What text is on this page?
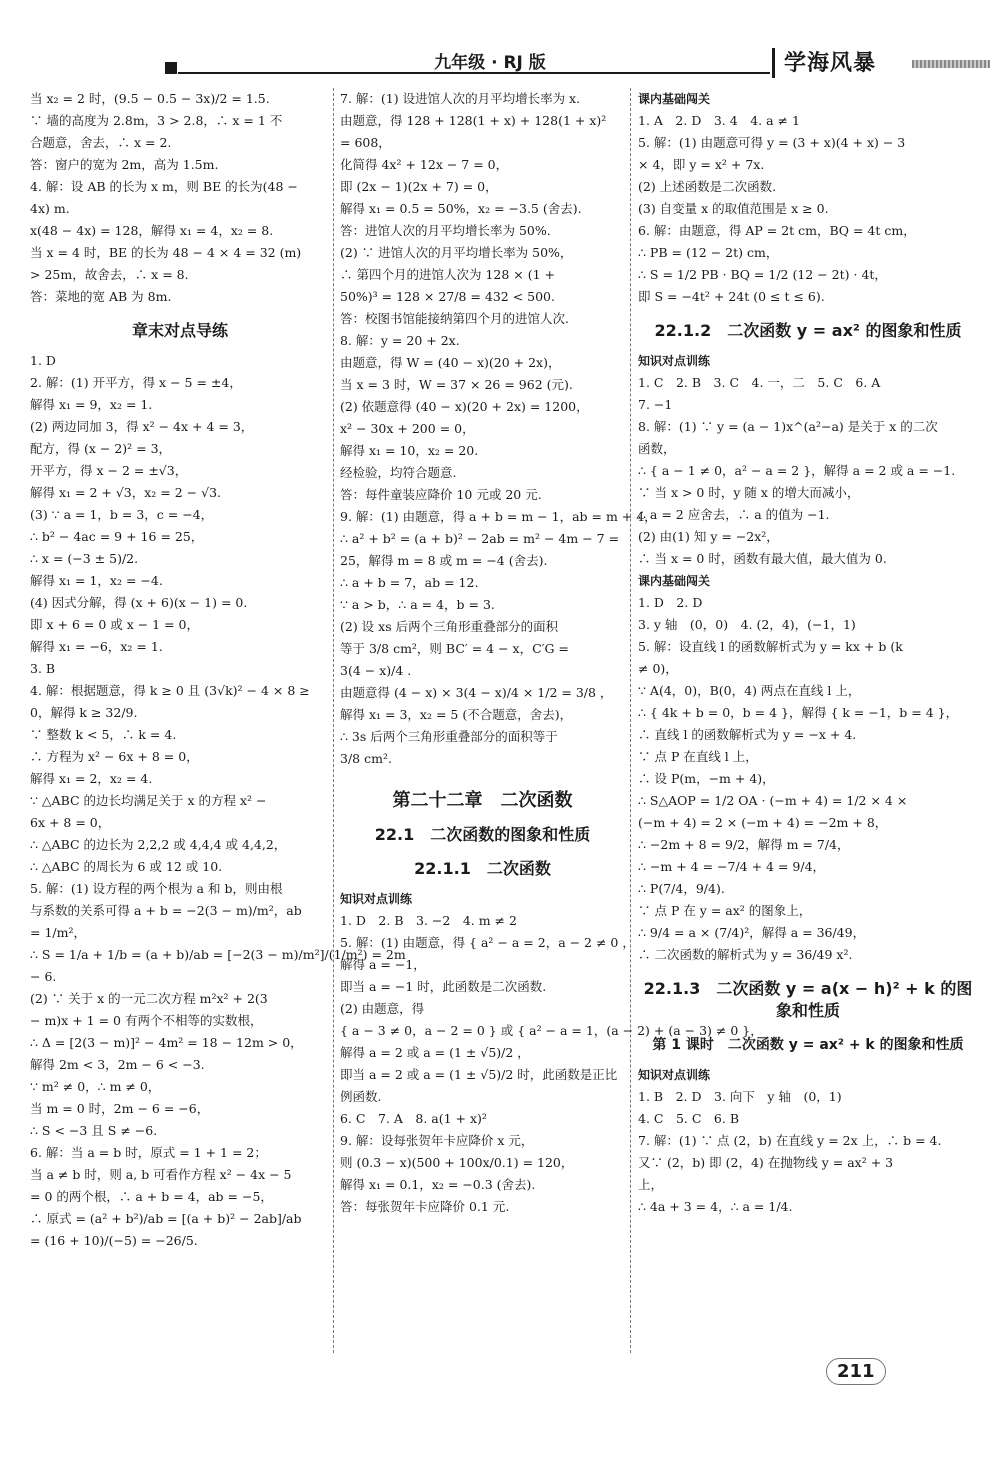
九年级 · RJ 版	学海风暴
当 x₂ = 2 时，(9.5 − 0.5 − 3x)/2 = 1.5.
∵ 墙的高度为 2.8m，3 > 2.8，∴ x = 1 不
合题意，舍去，∴ x = 2.
答：窗户的宽为 2m，高为 1.5m.
4. 解：设 AB 的长为 x m，则 BE 的长为(48 −
4x) m.
x(48 − 4x) = 128，解得 x₁ = 4，x₂ = 8.
当 x = 4 时，BE 的长为 48 − 4 × 4 = 32 (m)
> 25m，故舍去，∴ x = 8.
答：菜地的宽 AB 为 8m.
章末对点导练
1. D
2. 解：(1) 开平方，得 x − 5 = ±4，
解得 x₁ = 9，x₂ = 1.
(2) 两边同加 3，得 x² − 4x + 4 = 3，
配方，得 (x − 2)² = 3，
开平方，得 x − 2 = ±√3，
解得 x₁ = 2 + √3，x₂ = 2 − √3.
(3) ∵ a = 1，b = 3，c = −4，
∴ b² − 4ac = 9 + 16 = 25，
∴ x = (−3 ± 5)/2.
解得 x₁ = 1，x₂ = −4.
(4) 因式分解，得 (x + 6)(x − 1) = 0.
即 x + 6 = 0 或 x − 1 = 0，
解得 x₁ = −6，x₂ = 1.
3. B
4. 解：根据题意，得 k ≥ 0 且 (3√k)² − 4 × 8 ≥
0，解得 k ≥ 32/9.
∵ 整数 k < 5，∴ k = 4.
∴ 方程为 x² − 6x + 8 = 0，
解得 x₁ = 2，x₂ = 4.
∵ △ABC 的边长均满足关于 x 的方程 x² −
6x + 8 = 0，
∴ △ABC 的边长为 2,2,2 或 4,4,4 或 4,4,2，
∴ △ABC 的周长为 6 或 12 或 10.
5. 解：(1) 设方程的两个根为 a 和 b，则由根
与系数的关系可得 a + b = −2(3 − m)/m²，ab
= 1/m²，
∴ S = 1/a + 1/b = (a + b)/ab = [−2(3 − m)/m²]/(1/m²) = 2m
− 6.
(2) ∵ 关于 x 的一元二次方程 m²x² + 2(3
− m)x + 1 = 0 有两个不相等的实数根，
∴ Δ = [2(3 − m)]² − 4m² = 18 − 12m > 0，
解得 2m < 3，2m − 6 < −3.
∵ m² ≠ 0，∴ m ≠ 0，
当 m = 0 时，2m − 6 = −6，
∴ S < −3 且 S ≠ −6.
6. 解：当 a = b 时，原式 = 1 + 1 = 2；
当 a ≠ b 时，则 a, b 可看作方程 x² − 4x − 5
= 0 的两个根，∴ a + b = 4，ab = −5，
∴ 原式 = (a² + b²)/ab = [(a + b)² − 2ab]/ab
= (16 + 10)/(−5) = −26/5.
7. 解：(1) 设进馆人次的月平均增长率为 x.
由题意，得 128 + 128(1 + x) + 128(1 + x)²
= 608，
化简得 4x² + 12x − 7 = 0，
即 (2x − 1)(2x + 7) = 0，
解得 x₁ = 0.5 = 50%，x₂ = −3.5 (舍去).
答：进馆人次的月平均增长率为 50%.
(2) ∵ 进馆人次的月平均增长率为 50%，
∴ 第四个月的进馆人次为 128 × (1 +
50%)³ = 128 × 27/8 = 432 < 500.
答：校图书馆能接纳第四个月的进馆人次.
8. 解：y = 20 + 2x.
由题意，得 W = (40 − x)(20 + 2x)，
当 x = 3 时，W = 37 × 26 = 962 (元).
(2) 依题意得 (40 − x)(20 + 2x) = 1200，
x² − 30x + 200 = 0，
解得 x₁ = 10，x₂ = 20.
经检验，均符合题意.
答：每件童装应降价 10 元或 20 元.
9. 解：(1) 由题意，得 a + b = m − 1，ab = m + 4，
∴ a² + b² = (a + b)² − 2ab = m² − 4m − 7 =
25，解得 m = 8 或 m = −4 (舍去).
∴ a + b = 7，ab = 12.
∵ a > b，∴ a = 4，b = 3.
(2) 设 xs 后两个三角形重叠部分的面积
等于 3/8 cm²，则 BC′ = 4 − x，C′G =
3(4 − x)/4 .
由题意得 (4 − x) × 3(4 − x)/4 × 1/2 = 3/8 ，
解得 x₁ = 3，x₂ = 5 (不合题意，舍去)，
∴ 3s 后两个三角形重叠部分的面积等于
3/8 cm².
第二十二章　二次函数
22.1　二次函数的图象和性质
22.1.1　二次函数
知识对点训练
1. D　2. B　3. −2　4. m ≠ 2
5. 解：(1) 由题意，得 { a² − a = 2，a − 2 ≠ 0 ，
解得 a = −1，
即当 a = −1 时，此函数是二次函数.
(2) 由题意，得
{ a − 3 ≠ 0，a − 2 = 0 } 或 { a² − a = 1，(a − 2) + (a − 3) ≠ 0 }，
解得 a = 2 或 a = (1 ± √5)/2 ，
即当 a = 2 或 a = (1 ± √5)/2 时，此函数是正比
例函数.
6. C　7. A　8. a(1 + x)²
9. 解：设每张贺年卡应降价 x 元，
则 (0.3 − x)(500 + 100x/0.1) = 120，
解得 x₁ = 0.1，x₂ = −0.3 (舍去).
答：每张贺年卡应降价 0.1 元.
课内基础闯关
1. A　2. D　3. 4　4. a ≠ 1
5. 解：(1) 由题意可得 y = (3 + x)(4 + x) − 3
× 4，即 y = x² + 7x.
(2) 上述函数是二次函数.
(3) 自变量 x 的取值范围是 x ≥ 0.
6. 解：由题意，得 AP = 2t cm，BQ = 4t cm，
∴ PB = (12 − 2t) cm，
∴ S = 1/2 PB · BQ = 1/2 (12 − 2t) · 4t，
即 S = −4t² + 24t (0 ≤ t ≤ 6).
22.1.2　二次函数 y = ax² 的图象和性质
知识对点训练
1. C　2. B　3. C　4. 一，二　5. C　6. A
7. −1
8. 解：(1) ∵ y = (a − 1)x^(a²−a) 是关于 x 的二次
函数，
∴ { a − 1 ≠ 0，a² − a = 2 }，解得 a = 2 或 a = −1.
∵ 当 x > 0 时，y 随 x 的增大而减小，
∴ a = 2 应舍去，∴ a 的值为 −1.
(2) 由(1) 知 y = −2x²，
∴ 当 x = 0 时，函数有最大值，最大值为 0.
课内基础闯关
1. D　2. D
3. y 轴　(0，0)　4. (2，4)，(−1，1)
5. 解：设直线 l 的函数解析式为 y = kx + b (k
≠ 0)，
∵ A(4，0)，B(0，4) 两点在直线 l 上，
∴ { 4k + b = 0，b = 4 }，解得 { k = −1，b = 4 }，
∴ 直线 l 的函数解析式为 y = −x + 4.
∵ 点 P 在直线 l 上，
∴ 设 P(m，−m + 4)，
∴ S△AOP = 1/2 OA · (−m + 4) = 1/2 × 4 ×
(−m + 4) = 2 × (−m + 4) = −2m + 8，
∴ −2m + 8 = 9/2，解得 m = 7/4，
∴ −m + 4 = −7/4 + 4 = 9/4，
∴ P(7/4，9/4).
∵ 点 P 在 y = ax² 的图象上，
∴ 9/4 = a × (7/4)²，解得 a = 36/49，
∴ 二次函数的解析式为 y = 36/49 x².
22.1.3　二次函数 y = a(x − h)² + k 的图象和性质
第 1 课时　二次函数 y = ax² + k 的图象和性质
知识对点训练
1. B　2. D　3. 向下　y 轴　(0，1)
4. C　5. C　6. B
7. 解：(1) ∵ 点 (2，b) 在直线 y = 2x 上，∴ b = 4.
又∵ (2，b) 即 (2，4) 在抛物线 y = ax² + 3
上，
∴ 4a + 3 = 4，∴ a = 1/4.
211
